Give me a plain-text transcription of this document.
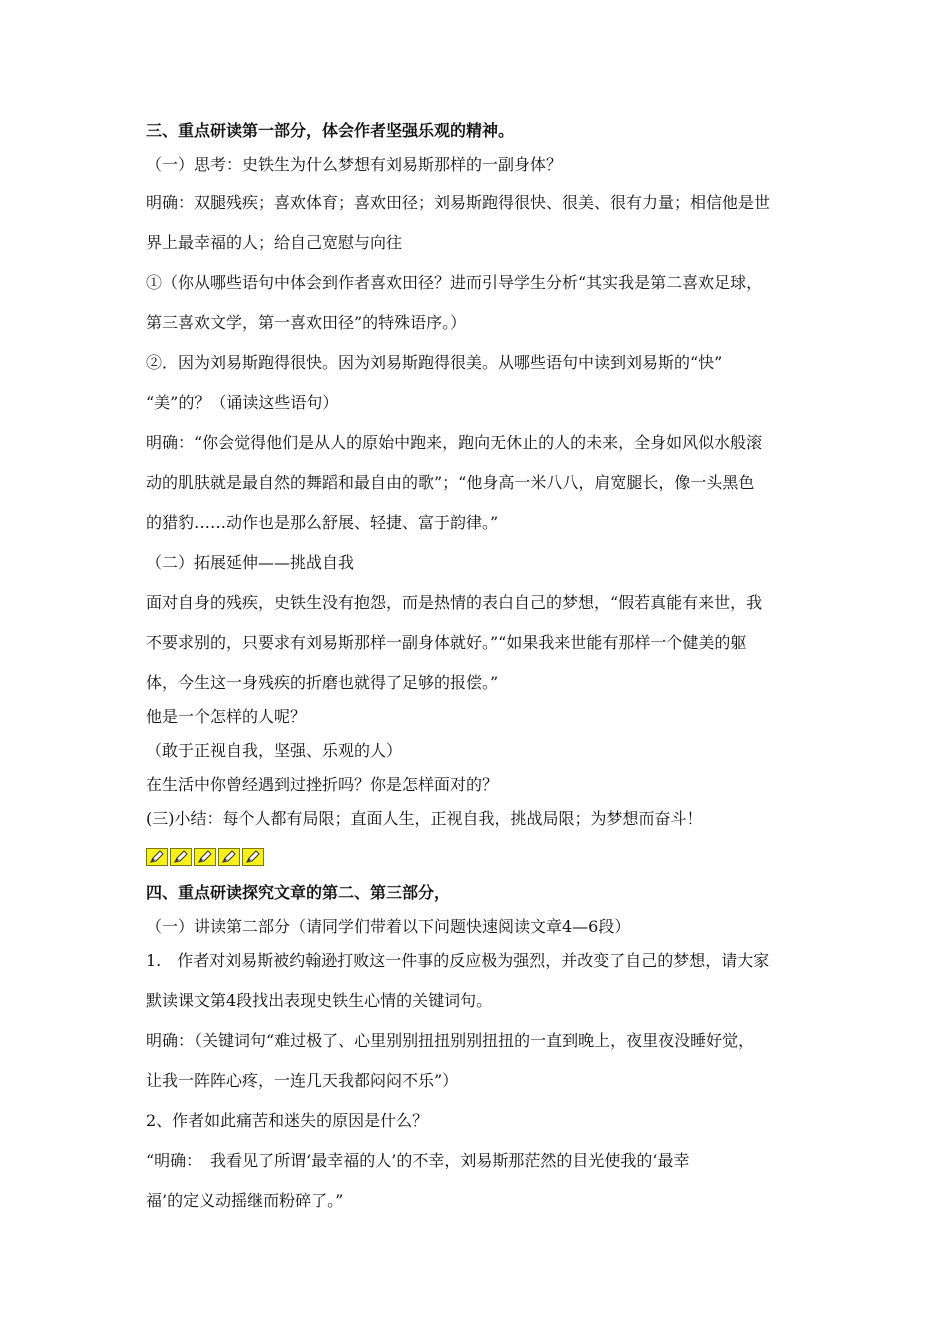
三、重点研读第一部分，体会作者坚强乐观的精神。

（一）思考：史铁生为什么梦想有刘易斯那样的一副身体？

明确：双腿残疾；喜欢体育；喜欢田径；刘易斯跑得很快、很美、很有力量；相信他是世

界上最幸福的人；给自己宽慰与向往

①（你从哪些语句中体会到作者喜欢田径？进而引导学生分析“其实我是第二喜欢足球，

第三喜欢文学，第一喜欢田径”的特殊语序。）

②．因为刘易斯跑得很快。因为刘易斯跑得很美。从哪些语句中读到刘易斯的“快”

“美”的？（诵读这些语句）

明确：“你会觉得他们是从人的原始中跑来，跑向无休止的人的未来，全身如风似水般滚

动的肌肤就是最自然的舞蹈和最自由的歌”；“他身高一米八八，肩宽腿长，像一头黑色

的猎豹……动作也是那么舒展、轻捷、富于韵律。”

（二）拓展延伸——挑战自我

面对自身的残疾，史铁生没有抱怨，而是热情的表白自己的梦想，“假若真能有来世，我

不要求别的，只要求有刘易斯那样一副身体就好。”“如果我来世能有那样一个健美的躯

体，今生这一身残疾的折磨也就得了足够的报偿。”

他是一个怎样的人呢？

（敢于正视自我，坚强、乐观的人）

在生活中你曾经遇到过挫折吗？你是怎样面对的？

(三)小结：每个人都有局限；直面人生，正视自我，挑战局限；为梦想而奋斗！

四、重点研读探究文章的第二、第三部分，

（一）讲读第二部分（请同学们带着以下问题快速阅读文章4—6段）

1.　作者对刘易斯被约翰逊打败这一件事的反应极为强烈，并改变了自己的梦想，请大家

默读课文第4段找出表现史铁生心情的关键词句。

明确：（关键词句“难过极了、心里别别扭扭别别扭扭的一直到晚上，夜里夜没睡好觉，

让我一阵阵心疼，一连几天我都闷闷不乐”）

2、作者如此痛苦和迷失的原因是什么？

“明确：　我看见了所谓‘最幸福的人’的不幸，刘易斯那茫然的目光使我的‘最幸

福’的定义动摇继而粉碎了。”
